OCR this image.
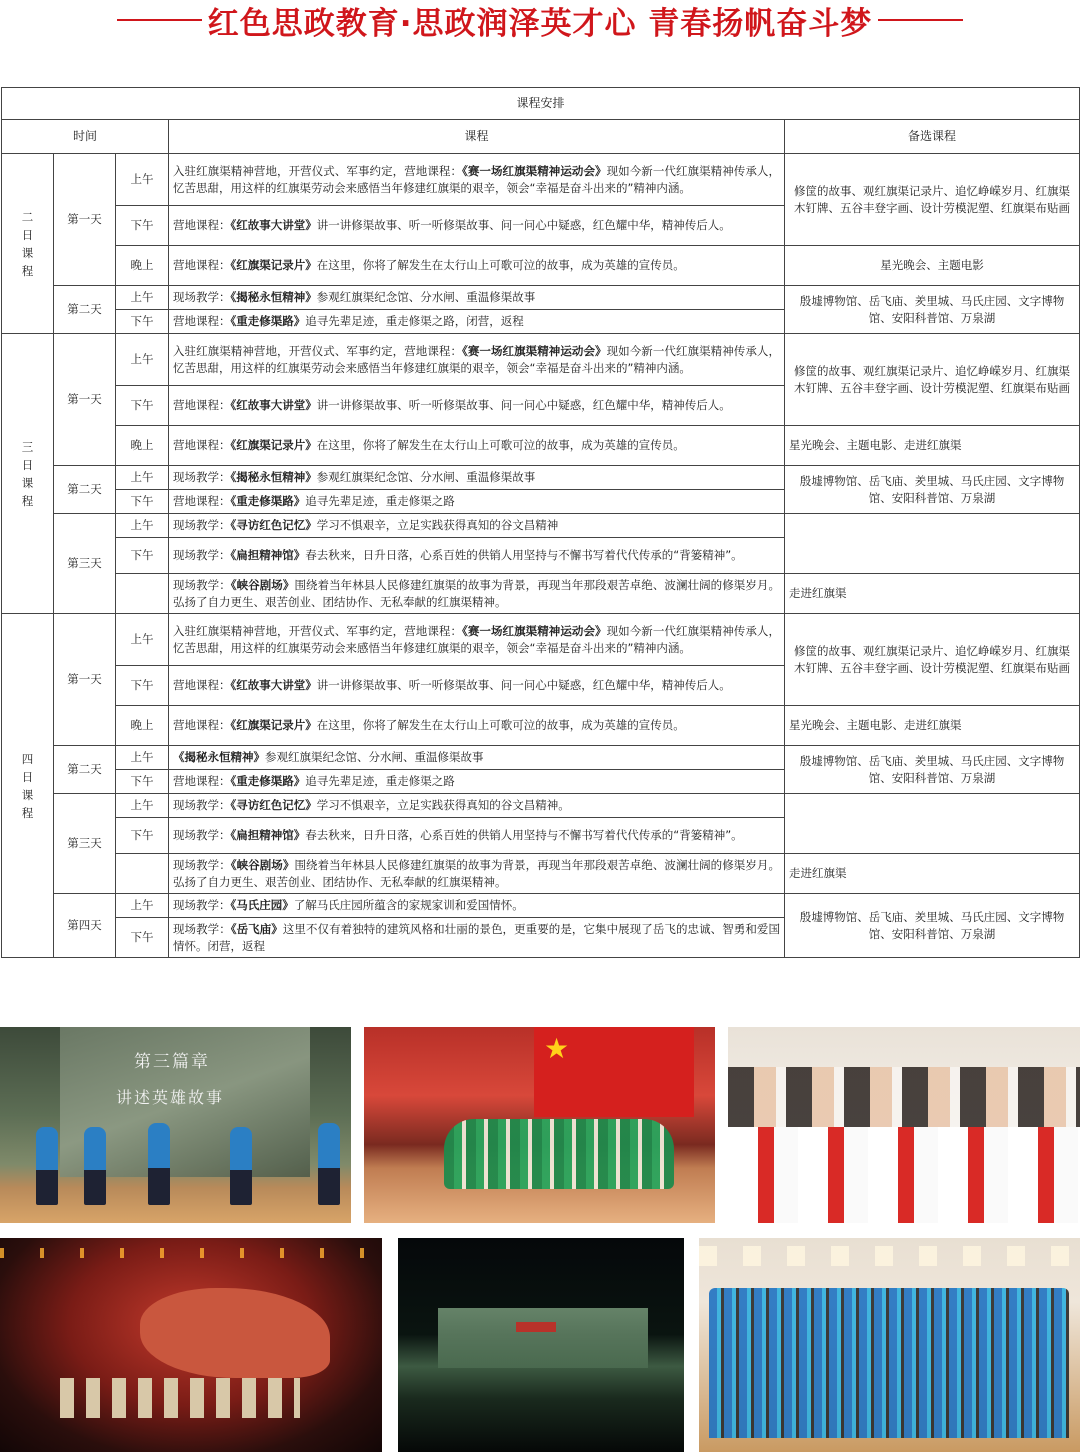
红色思政教育·思政润泽英才心 青春扬帆奋斗梦
课程安排				
时间			课程	备选课程

二日课程	第一天	上午	入驻红旗渠精神营地，开营仪式、军事约定，营地课程：《赛一场红旗渠精神运动会》现如今新一代红旗渠精神传承人，忆苦思甜，用这样的红旗渠劳动会来感悟当年修建红旗渠的艰辛，领会“幸福是奋斗出来的”精神内涵。	修筐的故事、观红旗渠记录片、追忆峥嵘岁月、红旗渠木钉牌、五谷丰登字画、设计劳模泥塑、红旗渠布贴画
		下午	营地课程：《红故事大讲堂》讲一讲修渠故事、听一听修渠故事、问一问心中疑惑，红色耀中华，精神传后人。	
		晚上	营地课程：《红旗渠记录片》在这里，你将了解发生在太行山上可歌可泣的故事，成为英雄的宣传员。	星光晚会、主题电影
	第二天	上午	现场教学：《揭秘永恒精神》参观红旗渠纪念馆、分水闸、重温修渠故事	殷墟博物馆、岳飞庙、羑里城、马氏庄园、文字博物馆、安阳科普馆、万泉湖
		下午	营地课程：《重走修渠路》追寻先辈足迹，重走修渠之路，闭营，返程	

三日课程	第一天	上午	入驻红旗渠精神营地，开营仪式、军事约定，营地课程：《赛一场红旗渠精神运动会》现如今新一代红旗渠精神传承人，忆苦思甜，用这样的红旗渠劳动会来感悟当年修建红旗渠的艰辛，领会“幸福是奋斗出来的”精神内涵。	修筐的故事、观红旗渠记录片、追忆峥嵘岁月、红旗渠木钉牌、五谷丰登字画、设计劳模泥塑、红旗渠布贴画
		下午	营地课程：《红故事大讲堂》讲一讲修渠故事、听一听修渠故事、问一问心中疑惑，红色耀中华，精神传后人。	
		晚上	营地课程：《红旗渠记录片》在这里，你将了解发生在太行山上可歌可泣的故事，成为英雄的宣传员。	星光晚会、主题电影、走进红旗渠
	第二天	上午	现场教学：《揭秘永恒精神》参观红旗渠纪念馆、分水闸、重温修渠故事	殷墟博物馆、岳飞庙、羑里城、马氏庄园、文字博物馆、安阳科普馆、万泉湖
		下午	营地课程：《重走修渠路》追寻先辈足迹，重走修渠之路	
	第三天	上午	现场教学：《寻访红色记忆》学习不惧艰辛，立足实践获得真知的谷文昌精神	
		下午	现场教学：《扁担精神馆》春去秋来，日升日落，心系百姓的供销人用坚持与不懈书写着代代传承的“背篓精神”。	

			现场教学：《峡谷剧场》围绕着当年林县人民修建红旗渠的故事为背景，再现当年那段艰苦卓绝、波澜壮阔的修渠岁月。弘扬了自力更生、艰苦创业、团结协作、无私奉献的红旗渠精神。	走进红旗渠

四日课程	第一天	上午	入驻红旗渠精神营地，开营仪式、军事约定，营地课程：《赛一场红旗渠精神运动会》现如今新一代红旗渠精神传承人，忆苦思甜，用这样的红旗渠劳动会来感悟当年修建红旗渠的艰辛，领会“幸福是奋斗出来的”精神内涵。	修筐的故事、观红旗渠记录片、追忆峥嵘岁月、红旗渠木钉牌、五谷丰登字画、设计劳模泥塑、红旗渠布贴画
		下午	营地课程：《红故事大讲堂》讲一讲修渠故事、听一听修渠故事、问一问心中疑惑，红色耀中华，精神传后人。	
		晚上	营地课程：《红旗渠记录片》在这里，你将了解发生在太行山上可歌可泣的故事，成为英雄的宣传员。	星光晚会、主题电影、走进红旗渠
	第二天	上午	《揭秘永恒精神》参观红旗渠纪念馆、分水闸、重温修渠故事	殷墟博物馆、岳飞庙、羑里城、马氏庄园、文字博物馆、安阳科普馆、万泉湖
		下午	营地课程：《重走修渠路》追寻先辈足迹，重走修渠之路	
	第三天	上午	现场教学：《寻访红色记忆》学习不惧艰辛，立足实践获得真知的谷文昌精神。	
		下午	现场教学：《扁担精神馆》春去秋来，日升日落，心系百姓的供销人用坚持与不懈书写着代代传承的“背篓精神”。	

			现场教学：《峡谷剧场》围绕着当年林县人民修建红旗渠的故事为背景，再现当年那段艰苦卓绝、波澜壮阔的修渠岁月。弘扬了自力更生、艰苦创业、团结协作、无私奉献的红旗渠精神。	走进红旗渠
	第四天	上午	现场教学：《马氏庄园》了解马氏庄园所蕴含的家规家训和爱国情怀。	殷墟博物馆、岳飞庙、羑里城、马氏庄园、文字博物馆、安阳科普馆、万泉湖
		下午	现场教学：《岳飞庙》这里不仅有着独特的建筑风格和壮丽的景色，更重要的是，它集中展现了岳飞的忠诚、智勇和爱国情怀。闭营，返程	
第三篇章
讲述英雄故事
★
